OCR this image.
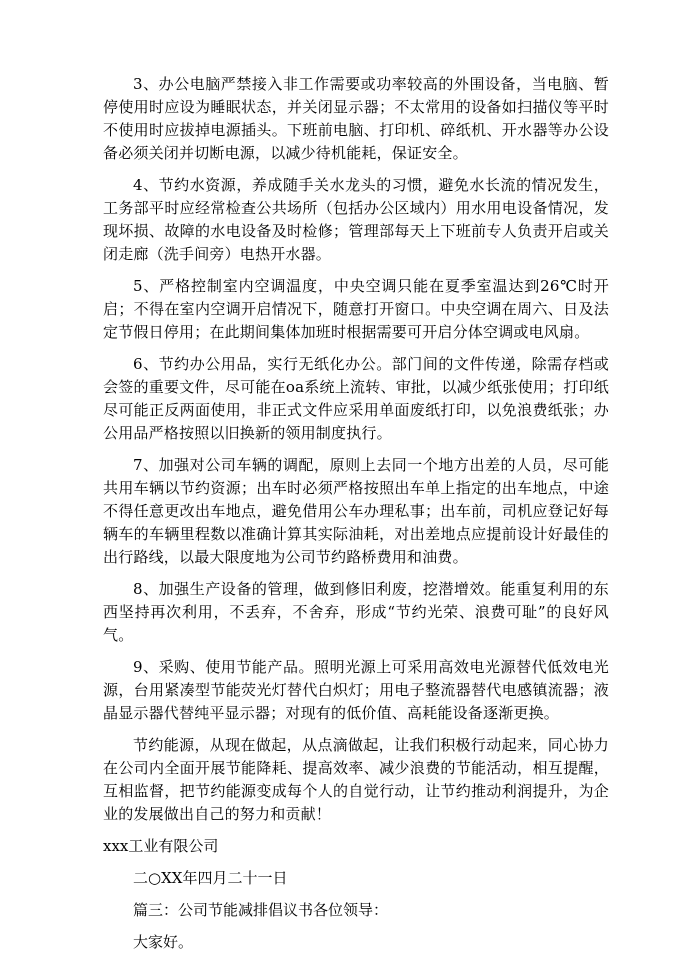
3、办公电脑严禁接入非工作需要或功率较高的外围设备，当电脑、暂停使用时应设为睡眠状态，并关闭显示器；不太常用的设备如扫描仪等平时不使用时应拔掉电源插头。下班前电脑、打印机、碎纸机、开水器等办公设备必须关闭并切断电源，以减少待机能耗，保证安全。

4、节约水资源，养成随手关水龙头的习惯，避免水长流的情况发生，工务部平时应经常检查公共场所（包括办公区域内）用水用电设备情况，发现坏损、故障的水电设备及时检修；管理部每天上下班前专人负责开启或关闭走廊（洗手间旁）电热开水器。

5、严格控制室内空调温度，中央空调只能在夏季室温达到26℃时开启；不得在室内空调开启情况下，随意打开窗口。中央空调在周六、日及法定节假日停用；在此期间集体加班时根据需要可开启分体空调或电风扇。

6、节约办公用品，实行无纸化办公。部门间的文件传递，除需存档或会签的重要文件，尽可能在oa系统上流转、审批，以减少纸张使用；打印纸尽可能正反两面使用，非正式文件应采用单面废纸打印，以免浪费纸张；办公用品严格按照以旧换新的领用制度执行。

7、加强对公司车辆的调配，原则上去同一个地方出差的人员，尽可能共用车辆以节约资源；出车时必须严格按照出车单上指定的出车地点，中途不得任意更改出车地点，避免借用公车办理私事；出车前，司机应登记好每辆车的车辆里程数以准确计算其实际油耗，对出差地点应提前设计好最佳的出行路线，以最大限度地为公司节约路桥费用和油费。

8、加强生产设备的管理，做到修旧利废，挖潜增效。能重复利用的东西坚持再次利用，不丢弃，不舍弃，形成“节约光荣、浪费可耻”的良好风气。

9、采购、使用节能产品。照明光源上可采用高效电光源替代低效电光源，台用紧凑型节能荧光灯替代白炽灯；用电子整流器替代电感镇流器；液晶显示器代替纯平显示器；对现有的低价值、高耗能设备逐渐更换。

节约能源，从现在做起，从点滴做起，让我们积极行动起来，同心协力在公司内全面开展节能降耗、提高效率、减少浪费的节能活动，相互提醒，互相监督，把节约能源变成每个人的自觉行动，让节约推动利润提升，为企业的发展做出自己的努力和贡献！

xxx工业有限公司
二○XX年四月二十一日
篇三：公司节能减排倡议书各位领导：
大家好。
